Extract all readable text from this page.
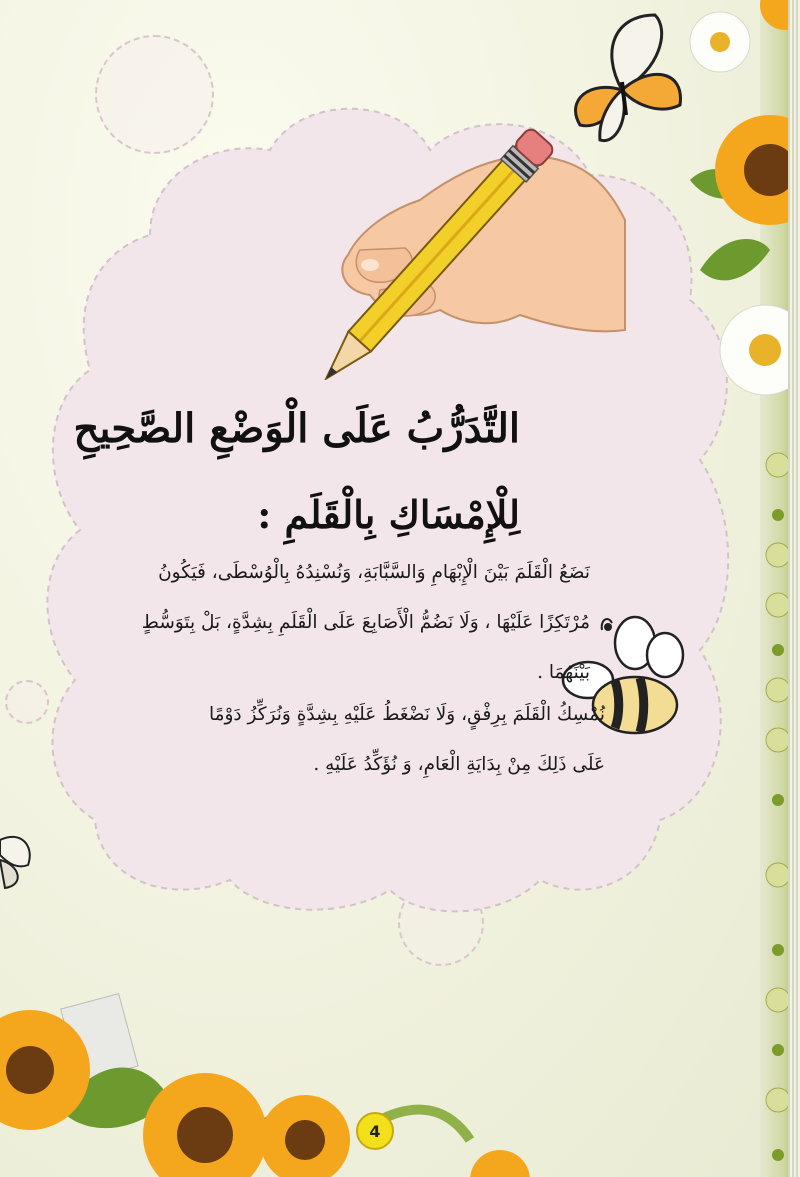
التَّدَرُّبُ عَلَى الْوَضْعِ الصَّحِيحِ
لِلْإِمْسَاكِ بِالْقَلَمِ :

نَضَعُ الْقَلَمَ بَيْنَ الْإِبْهَامِ وَالسَّبَّابَةِ، وَنُسْنِدُهُ بِالْوُسْطَى، فَيَكُونُ مُرْتَكِزًا عَلَيْهَا ، وَلَا نَضُمُّ الْأَصَابِعَ عَلَى الْقَلَمِ بِشِدَّةٍ، بَلْ بِتَوَسُّطٍ بَيْنَهُمَا .

نُمْسِكُ الْقَلَمَ بِرِفْقٍ، وَلَا نَضْغَطُ عَلَيْهِ بِشِدَّةٍ وَنُرَكِّزُ دَوْمًا عَلَى ذَلِكَ مِنْ بِدَايَةِ الْعَامِ، وَ نُؤَكِّدُ عَلَيْهِ .

4
